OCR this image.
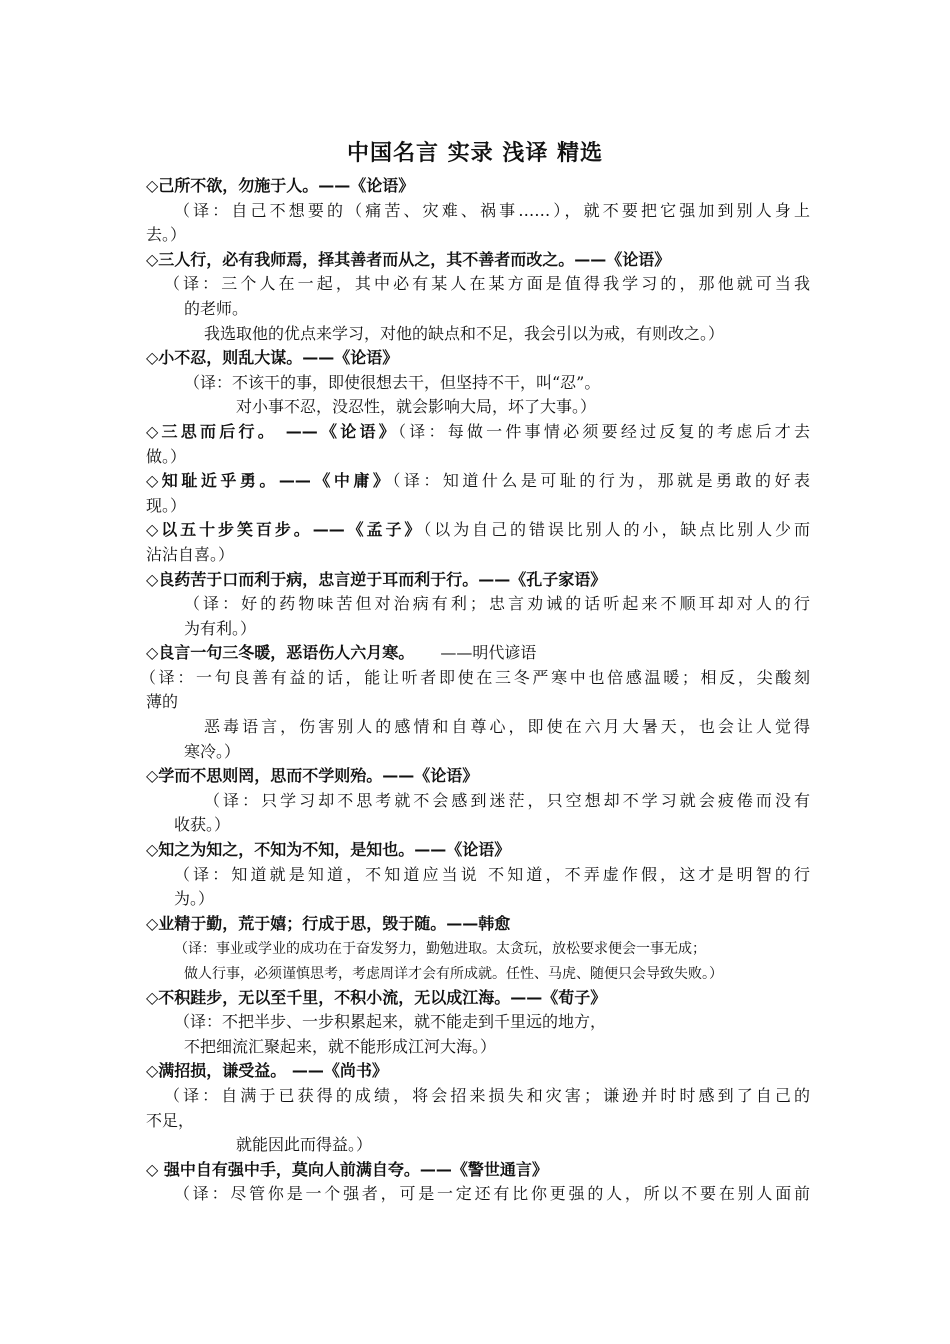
中国名言 实录 浅译 精选
◇己所不欲，勿施于人。——《论语》
（译：自己不想要的（痛苦、灾难、祸事……），就不要把它强加到别人身上
去。）
◇三人行，必有我师焉，择其善者而从之，其不善者而改之。——《论语》
（译：三个人在一起，其中必有某人在某方面是值得我学习的，那他就可当我
的老师。
我选取他的优点来学习，对他的缺点和不足，我会引以为戒，有则改之。）
◇小不忍，则乱大谋。——《论语》
（译：不该干的事，即使很想去干，但坚持不干，叫“忍”。
对小事不忍，没忍性，就会影响大局，坏了大事。）
◇三思而后行。 ——《论语》（译：每做一件事情必须要经过反复的考虑后才去
做。）
◇知耻近乎勇。——《中庸》（译：知道什么是可耻的行为，那就是勇敢的好表
现。）
◇以五十步笑百步。——《孟子》（以为自己的错误比别人的小，缺点比别人少而
沾沾自喜。）
◇良药苦于口而利于病，忠言逆于耳而利于行。——《孔子家语》
（译：好的药物味苦但对治病有利；忠言劝诫的话听起来不顺耳却对人的行
为有利。）
◇良言一句三冬暖，恶语伤人六月寒。 ——明代谚语
（译：一句良善有益的话，能让听者即使在三冬严寒中也倍感温暖；相反，尖酸刻
薄的
恶毒语言，伤害别人的感情和自尊心，即使在六月大暑天，也会让人觉得
寒冷。）
◇学而不思则罔，思而不学则殆。——《论语》
（译：只学习却不思考就不会感到迷茫，只空想却不学习就会疲倦而没有
收获。）
◇知之为知之，不知为不知，是知也。——《论语》
（译：知道就是知道，不知道应当说 不知道，不弄虚作假，这才是明智的行
为。）
◇业精于勤，荒于嬉；行成于思，毁于随。——韩愈
（译：事业或学业的成功在于奋发努力，勤勉进取。太贪玩，放松要求便会一事无成；
做人行事，必须谨慎思考，考虑周详才会有所成就。任性、马虎、随便只会导致失败。）
◇不积跬步，无以至千里，不积小流，无以成江海。——《荀子》
（译：不把半步、一步积累起来，就不能走到千里远的地方，
不把细流汇聚起来，就不能形成江河大海。）
◇满招损，谦受益。 ——《尚书》
（译：自满于已获得的成绩，将会招来损失和灾害；谦逊并时时感到了自己的
不足，
就能因此而得益。）
◇ 强中自有强中手，莫向人前满自夸。——《警世通言》
（译：尽管你是一个强者，可是一定还有比你更强的人，所以不要在别人面前
